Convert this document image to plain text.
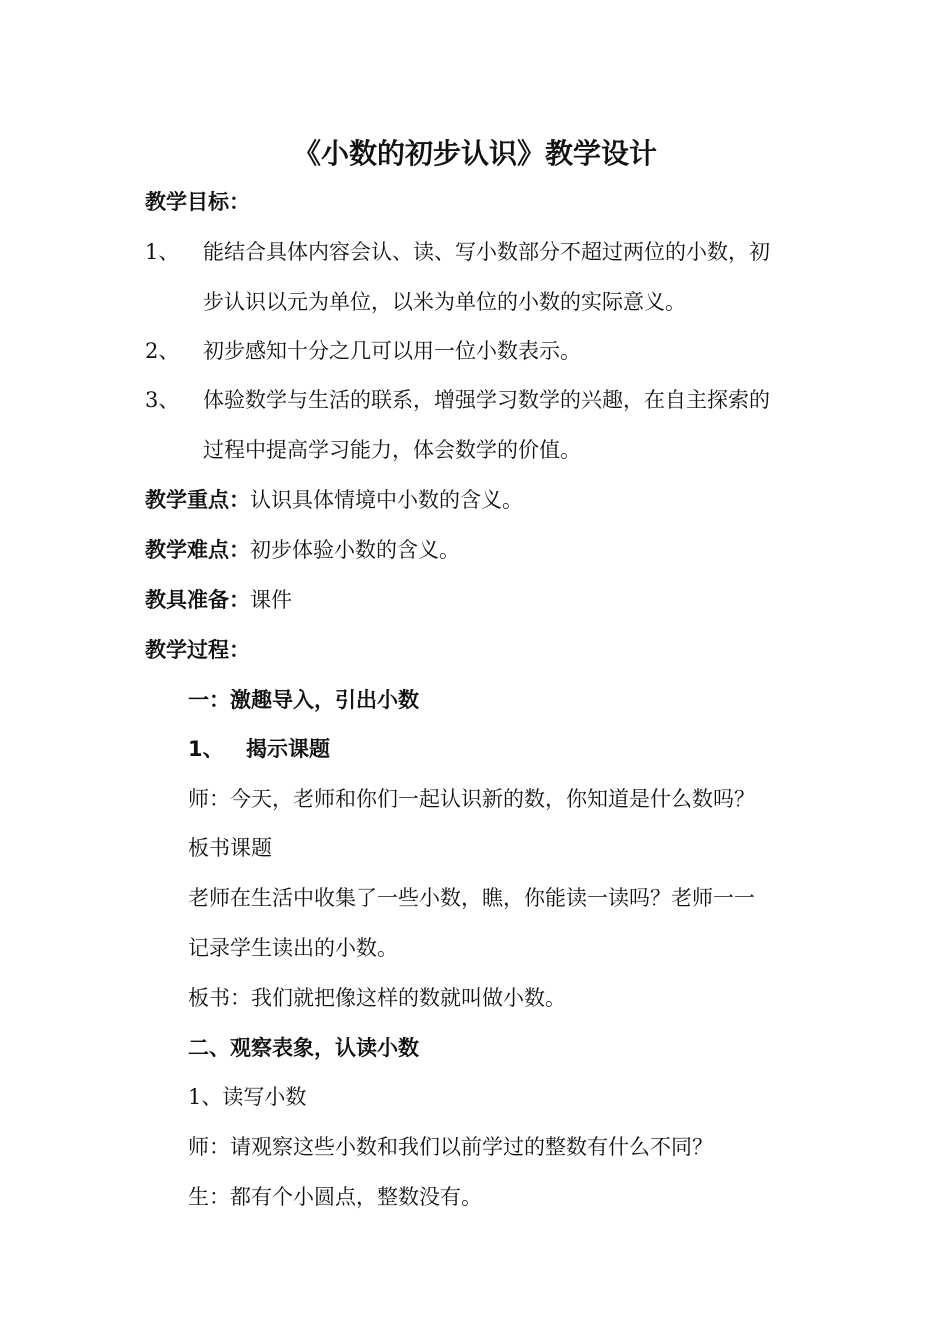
《小数的初步认识》教学设计
教学目标：
1、 能结合具体内容会认、读、写小数部分不超过两位的小数，初
步认识以元为单位，以米为单位的小数的实际意义。
2、 初步感知十分之几可以用一位小数表示。
3、 体验数学与生活的联系，增强学习数学的兴趣，在自主探索的
过程中提高学习能力，体会数学的价值。
教学重点：认识具体情境中小数的含义。
教学难点：初步体验小数的含义。
教具准备：课件
教学过程：
一：激趣导入，引出小数
1、 揭示课题
师：今天，老师和你们一起认识新的数，你知道是什么数吗？
板书课题
老师在生活中收集了一些小数，瞧，你能读一读吗？老师一一
记录学生读出的小数。
板书：我们就把像这样的数就叫做小数。
二、观察表象，认读小数
1、读写小数
师：请观察这些小数和我们以前学过的整数有什么不同？
生：都有个小圆点，整数没有。
